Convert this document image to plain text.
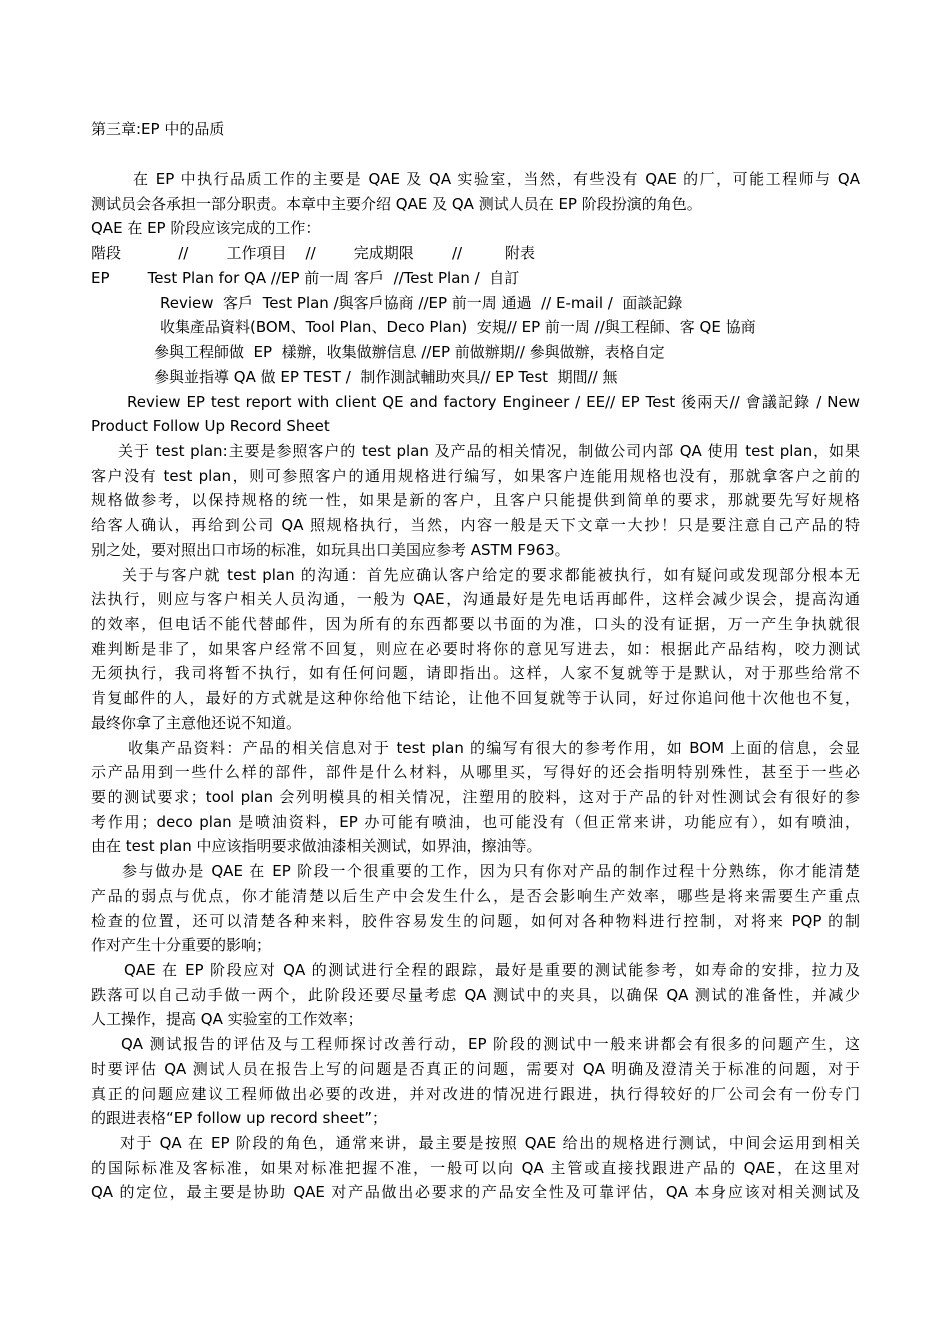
第三章:EP 中的品质
在 EP 中执行品质工作的主要是 QAE 及 QA 实验室，当然，有些没有 QAE 的厂，可能工程师与 QA
测试员会各承担一部分职责。本章中主要介绍 QAE 及 QA 测试人员在 EP 阶段扮演的角色。
QAE 在 EP 阶段应该完成的工作：
階段            //        工作項目    //        完成期限        //         附表
EP        Test Plan for QA //EP 前一周 客戶  //Test Plan /  自訂
Review  客戶  Test Plan /與客戶協商 //EP 前一周 通過  // E-mail /  面談記錄
收集產品資料(BOM、Tool Plan、Deco Plan)  安規// EP 前一周 //與工程師、客 QE 協商
參與工程師做  EP  樣辦，收集做辦信息 //EP 前做辦期// 參與做辦，表格自定
參與並指導 QA 做 EP TEST /  制作測試輔助夾具// EP Test  期間// 無
Review EP test report with client QE and factory Engineer / EE// EP Test 後兩天// 會議記錄 / New
Product Follow Up Record Sheet
关于 test plan:主要是参照客户的 test plan 及产品的相关情况，制做公司内部 QA 使用 test plan，如果
客户没有 test plan，则可参照客户的通用规格进行编写，如果客户连能用规格也没有，那就拿客户之前的
规格做参考，以保持规格的统一性，如果是新的客户，且客户只能提供到简单的要求，那就要先写好规格
给客人确认，再给到公司 QA 照规格执行，当然，内容一般是天下文章一大抄！只是要注意自己产品的特
别之处，要对照出口市场的标准，如玩具出口美国应参考 ASTM F963。
关于与客户就 test plan 的沟通：首先应确认客户给定的要求都能被执行，如有疑问或发现部分根本无
法执行，则应与客户相关人员沟通，一般为 QAE，沟通最好是先电话再邮件，这样会减少误会，提高沟通
的效率，但电话不能代替邮件，因为所有的东西都要以书面的为准，口头的没有证据，万一产生争执就很
难判断是非了，如果客户经常不回复，则应在必要时将你的意见写进去，如：根据此产品结构，咬力测试
无须执行，我司将暂不执行，如有任何问题，请即指出。这样，人家不复就等于是默认，对于那些给常不
肯复邮件的人，最好的方式就是这种你给他下结论，让他不回复就等于认同，好过你追问他十次他也不复，
最终你拿了主意他还说不知道。
收集产品资料：产品的相关信息对于 test plan 的编写有很大的参考作用，如 BOM 上面的信息，会显
示产品用到一些什么样的部件，部件是什么材料，从哪里买，写得好的还会指明特别殊性，甚至于一些必
要的测试要求；tool plan 会列明模具的相关情况，注塑用的胶料，这对于产品的针对性测试会有很好的参
考作用；deco plan 是喷油资料，EP 办可能有喷油，也可能没有（但正常来讲，功能应有），如有喷油，
由在 test plan 中应该指明要求做油漆相关测试，如界油，擦油等。
参与做办是 QAE 在 EP 阶段一个很重要的工作，因为只有你对产品的制作过程十分熟练，你才能清楚
产品的弱点与优点，你才能清楚以后生产中会发生什么，是否会影响生产效率，哪些是将来需要生产重点
检查的位置，还可以清楚各种来料，胶件容易发生的问题，如何对各种物料进行控制，对将来 PQP 的制
作对产生十分重要的影响；
QAE 在 EP 阶段应对 QA 的测试进行全程的跟踪，最好是重要的测试能参考，如寿命的安排，拉力及
跌落可以自己动手做一两个，此阶段还要尽量考虑 QA 测试中的夹具，以确保 QA 测试的准备性，并减少
人工操作，提高 QA 实验室的工作效率；
QA 测试报告的评估及与工程师探讨改善行动，EP 阶段的测试中一般来讲都会有很多的问题产生，这
时要评估 QA 测试人员在报告上写的问题是否真正的问题，需要对 QA 明确及澄清关于标准的问题，对于
真正的问题应建议工程师做出必要的改进，并对改进的情况进行跟进，执行得较好的厂公司会有一份专门
的跟进表格“EP follow up record sheet”；
对于 QA 在 EP 阶段的角色，通常来讲，最主要是按照 QAE 给出的规格进行测试，中间会运用到相关
的国际标准及客标准，如果对标准把握不准，一般可以向 QA 主管或直接找跟进产品的 QAE，在这里对
QA 的定位，最主要是协助 QAE 对产品做出必要求的产品安全性及可靠评估，QA 本身应该对相关测试及
